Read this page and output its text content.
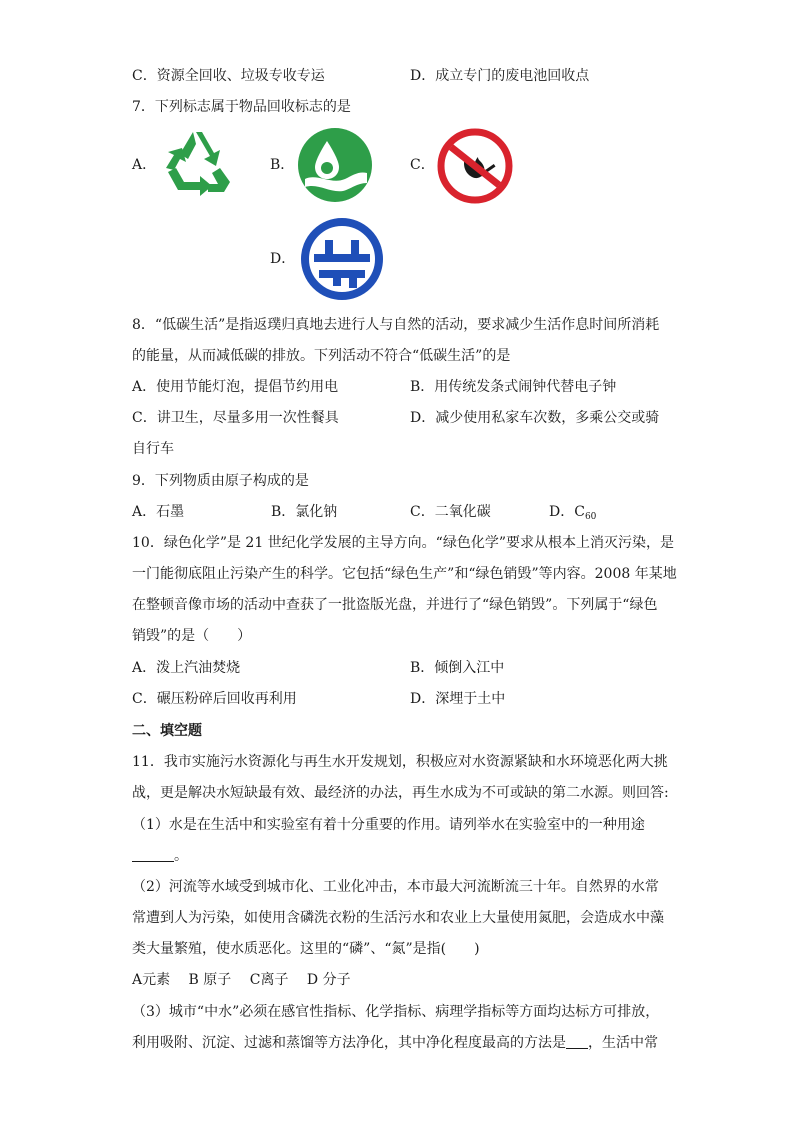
C．资源全回收、垃圾专收专运	D．成立专门的废电池回收点
7．下列标志属于物品回收标志的是
A．	B．	C．
D．
8．“低碳生活”是指返璞归真地去进行人与自然的活动，要求减少生活作息时间所消耗
的能量，从而减低碳的排放。下列活动不符合“低碳生活”的是
A．使用节能灯泡，提倡节约用电	B．用传统发条式闹钟代替电子钟
C．讲卫生，尽量多用一次性餐具	D．减少使用私家车次数，多乘公交或骑
自行车
9．下列物质由原子构成的是
A．石墨	B．氯化钠	C．二氧化碳	D．$C_{60}$
10．绿色化学”是 21 世纪化学发展的主导方向。“绿色化学”要求从根本上消灭污染，是
一门能彻底阻止污染产生的科学。它包括“绿色生产”和“绿色销毁”等内容。2008 年某地
在整顿音像市场的活动中查获了一批盗版光盘，并进行了“绿色销毁”。下列属于“绿色
销毁”的是（　　）
A．泼上汽油焚烧	B．倾倒入江中
C．碾压粉碎后回收再利用	D．深埋于土中
二、填空题
11．我市实施污水资源化与再生水开发规划，积极应对水资源紧缺和水环境恶化两大挑
战，更是解决水短缺最有效、最经济的办法，再生水成为不可或缺的第二水源。则回答:
（1）水是在生活中和实验室有着十分重要的作用。请列举水在实验室中的一种用途
。
（2）河流等水域受到城市化、工业化冲击，本市最大河流断流三十年。自然界的水常
常遭到人为污染，如使用含磷洗衣粉的生活污水和农业上大量使用氮肥，会造成水中藻
类大量繁殖，使水质恶化。这里的“磷”、“氮”是指(　　)
A元素　 B 原子　 C离子　 D 分子
（3）城市“中水”必须在感官性指标、化学指标、病理学指标等方面均达标方可排放，
利用吸附、沉淀、过滤和蒸馏等方法净化，其中净化程度最高的方法是 ，生活中常
